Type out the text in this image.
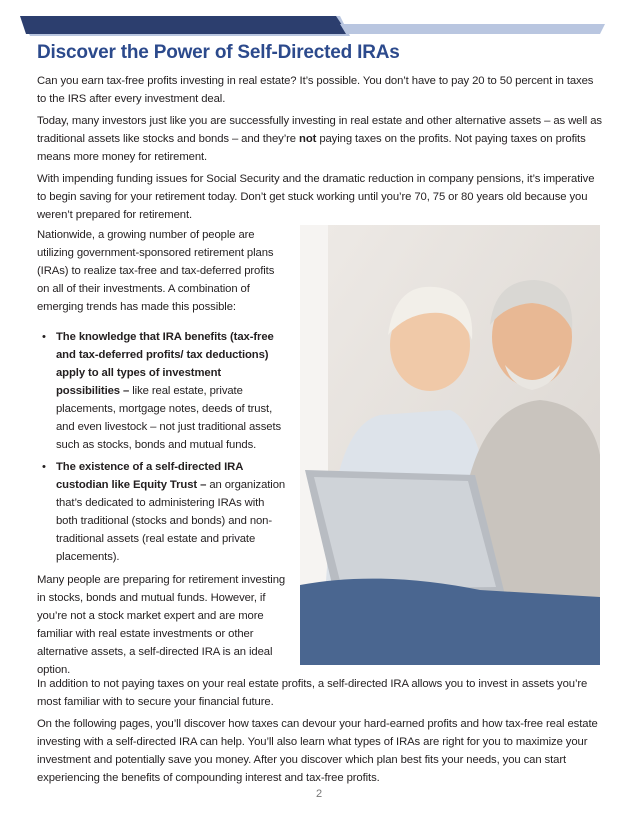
Discover the Power of Self-Directed IRAs

Can you earn tax-free profits investing in real estate? It’s possible. You don’t have to pay 20 to 50 percent in taxes to the IRS after every investment deal.

Today, many investors just like you are successfully investing in real estate and other alternative assets – as well as traditional assets like stocks and bonds – and they’re not paying taxes on the profits. Not paying taxes on profits means more money for retirement.

With impending funding issues for Social Security and the dramatic reduction in company pensions, it’s imperative to begin saving for your retirement today. Don’t get stuck working until you’re 70, 75 or 80 years old because you weren’t prepared for retirement.

Nationwide, a growing number of people are utilizing government-sponsored retirement plans (IRAs) to realize tax-free and tax-deferred profits on all of their investments. A combination of emerging trends has made this possible:

• The knowledge that IRA benefits (tax-free and tax-deferred profits/ tax deductions) apply to all types of investment possibilities – like real estate, private placements, mortgage notes, deeds of trust, and even livestock – not just traditional assets such as stocks, bonds and mutual funds.
• The existence of a self-directed IRA custodian like Equity Trust – an organization that’s dedicated to administering IRAs with both traditional (stocks and bonds) and non-traditional assets (real estate and private placements).

Many people are preparing for retirement investing in stocks, bonds and mutual funds. However, if you’re not a stock market expert and are more familiar with real estate investments or other alternative assets, a self-directed IRA is an ideal option.

In addition to not paying taxes on your real estate profits, a self-directed IRA allows you to invest in assets you’re most familiar with to secure your financial future.

On the following pages, you’ll discover how taxes can devour your hard-earned profits and how tax-free real estate investing with a self-directed IRA can help. You’ll also learn what types of IRAs are right for you to maximize your investment and potentially save you money. After you discover which plan best fits your needs, you can start experiencing the benefits of compounding interest and tax-free profits.

2
